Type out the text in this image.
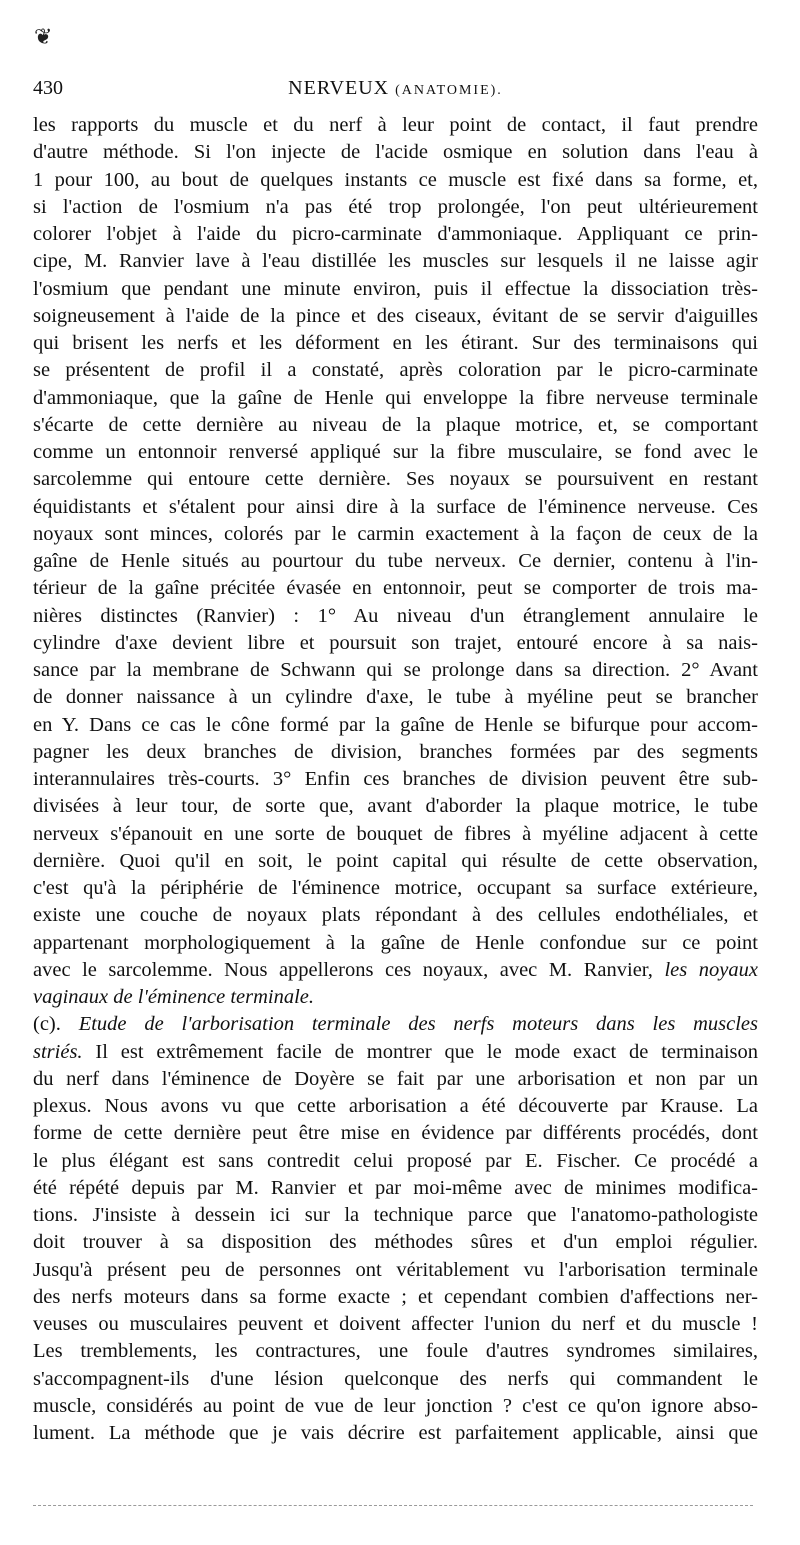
❦
430	NERVEUX (ANATOMIE).
les rapports du muscle et du nerf à leur point de contact, il faut prendre
d'autre méthode. Si l'on injecte de l'acide osmique en solution dans l'eau à
1 pour 100, au bout de quelques instants ce muscle est fixé dans sa forme, et,
si l'action de l'osmium n'a pas été trop prolongée, l'on peut ultérieurement
colorer l'objet à l'aide du picro-carminate d'ammoniaque. Appliquant ce prin-
cipe, M. Ranvier lave à l'eau distillée les muscles sur lesquels il ne laisse agir
l'osmium que pendant une minute environ, puis il effectue la dissociation très-
soigneusement à l'aide de la pince et des ciseaux, évitant de se servir d'aiguilles
qui brisent les nerfs et les déforment en les étirant. Sur des terminaisons qui
se présentent de profil il a constaté, après coloration par le picro-carminate
d'ammoniaque, que la gaîne de Henle qui enveloppe la fibre nerveuse terminale
s'écarte de cette dernière au niveau de la plaque motrice, et, se comportant
comme un entonnoir renversé appliqué sur la fibre musculaire, se fond avec le
sarcolemme qui entoure cette dernière. Ses noyaux se poursuivent en restant
équidistants et s'étalent pour ainsi dire à la surface de l'éminence nerveuse. Ces
noyaux sont minces, colorés par le carmin exactement à la façon de ceux de la
gaîne de Henle situés au pourtour du tube nerveux. Ce dernier, contenu à l'in-
térieur de la gaîne précitée évasée en entonnoir, peut se comporter de trois ma-
nières distinctes (Ranvier) : 1° Au niveau d'un étranglement annulaire le
cylindre d'axe devient libre et poursuit son trajet, entouré encore à sa nais-
sance par la membrane de Schwann qui se prolonge dans sa direction. 2° Avant
de donner naissance à un cylindre d'axe, le tube à myéline peut se brancher
en Y. Dans ce cas le cône formé par la gaîne de Henle se bifurque pour accom-
pagner les deux branches de division, branches formées par des segments
interannulaires très-courts. 3° Enfin ces branches de division peuvent être sub-
divisées à leur tour, de sorte que, avant d'aborder la plaque motrice, le tube
nerveux s'épanouit en une sorte de bouquet de fibres à myéline adjacent à cette
dernière. Quoi qu'il en soit, le point capital qui résulte de cette observation,
c'est qu'à la périphérie de l'éminence motrice, occupant sa surface extérieure,
existe une couche de noyaux plats répondant à des cellules endothéliales, et
appartenant morphologiquement à la gaîne de Henle confondue sur ce point
avec le sarcolemme. Nous appellerons ces noyaux, avec M. Ranvier, les noyaux
vaginaux de l'éminence terminale.
(c). Etude de l'arborisation terminale des nerfs moteurs dans les muscles
striés. Il est extrêmement facile de montrer que le mode exact de terminaison
du nerf dans l'éminence de Doyère se fait par une arborisation et non par un
plexus. Nous avons vu que cette arborisation a été découverte par Krause. La
forme de cette dernière peut être mise en évidence par différents procédés, dont
le plus élégant est sans contredit celui proposé par E. Fischer. Ce procédé a
été répété depuis par M. Ranvier et par moi-même avec de minimes modifica-
tions. J'insiste à dessein ici sur la technique parce que l'anatomo-pathologiste
doit trouver à sa disposition des méthodes sûres et d'un emploi régulier.
Jusqu'à présent peu de personnes ont véritablement vu l'arborisation terminale
des nerfs moteurs dans sa forme exacte ; et cependant combien d'affections ner-
veuses ou musculaires peuvent et doivent affecter l'union du nerf et du muscle !
Les tremblements, les contractures, une foule d'autres syndromes similaires,
s'accompagnent-ils d'une lésion quelconque des nerfs qui commandent le
muscle, considérés au point de vue de leur jonction ? c'est ce qu'on ignore abso-
lument. La méthode que je vais décrire est parfaitement applicable, ainsi que
